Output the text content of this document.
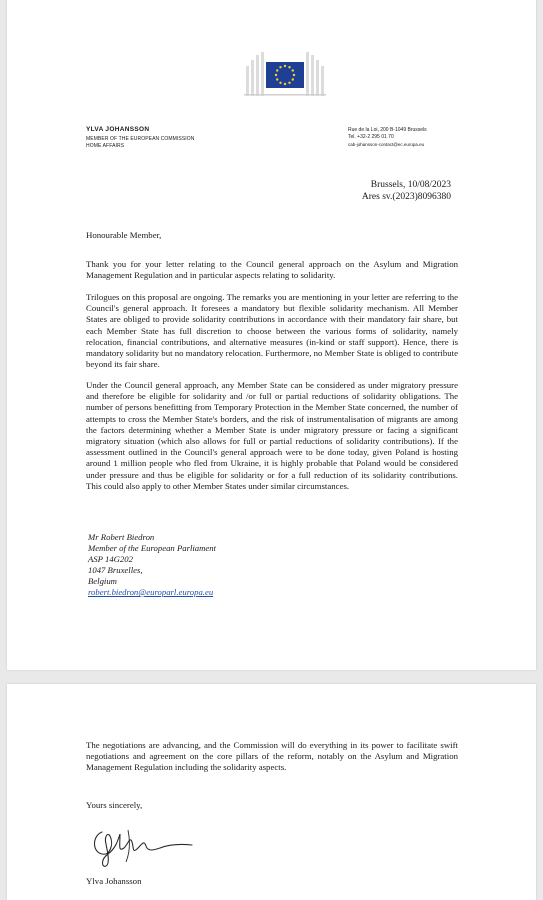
YLVA JOHANSSON
MEMBER OF THE EUROPEAN COMMISSION
HOME AFFAIRS
Rue de la Loi, 200 B-1049 Brussels
Tel. +32-2 295 01 70
cab-johansson-contact@ec.europa.eu
Brussels, 10/08/2023
Ares sv.(2023)8096380
Honourable Member,
Thank you for your letter relating to the Council general approach on the Asylum and Migration Management Regulation and in particular aspects relating to solidarity.
Trilogues on this proposal are ongoing. The remarks you are mentioning in your letter are referring to the Council's general approach. It foresees a mandatory but flexible solidarity mechanism. All Member States are obliged to provide solidarity contributions in accordance with their mandatory fair share, but each Member State has full discretion to choose between the various forms of solidarity, namely relocation, financial contributions, and alternative measures (in-kind or staff support). Hence, there is mandatory solidarity but no mandatory relocation. Furthermore, no Member State is obliged to contribute beyond its fair share.
Under the Council general approach, any Member State can be considered as under migratory pressure and therefore be eligible for solidarity and /or full or partial reductions of solidarity obligations. The number of persons benefitting from Temporary Protection in the Member State concerned, the number of attempts to cross the Member State's borders, and the risk of instrumentalisation of migrants are among the factors determining whether a Member State is under migratory pressure or facing a significant migratory situation (which also allows for full or partial reductions of solidarity contributions). If the assessment outlined in the Council's general approach were to be done today, given Poland is hosting around 1 million people who fled from Ukraine, it is highly probable that Poland would be considered under pressure and thus be eligible for solidarity or for a full reduction of its solidarity contributions. This could also apply to other Member States under similar circumstances.
Mr Robert Biedron
Member of the European Parliament
ASP 14G202
1047 Bruxelles,
Belgium
robert.biedron@europarl.europa.eu
The negotiations are advancing, and the Commission will do everything in its power to facilitate swift negotiations and agreement on the core pillars of the reform, notably on the Asylum and Migration Management Regulation including the solidarity aspects.
Yours sincerely,
Ylva Johansson
